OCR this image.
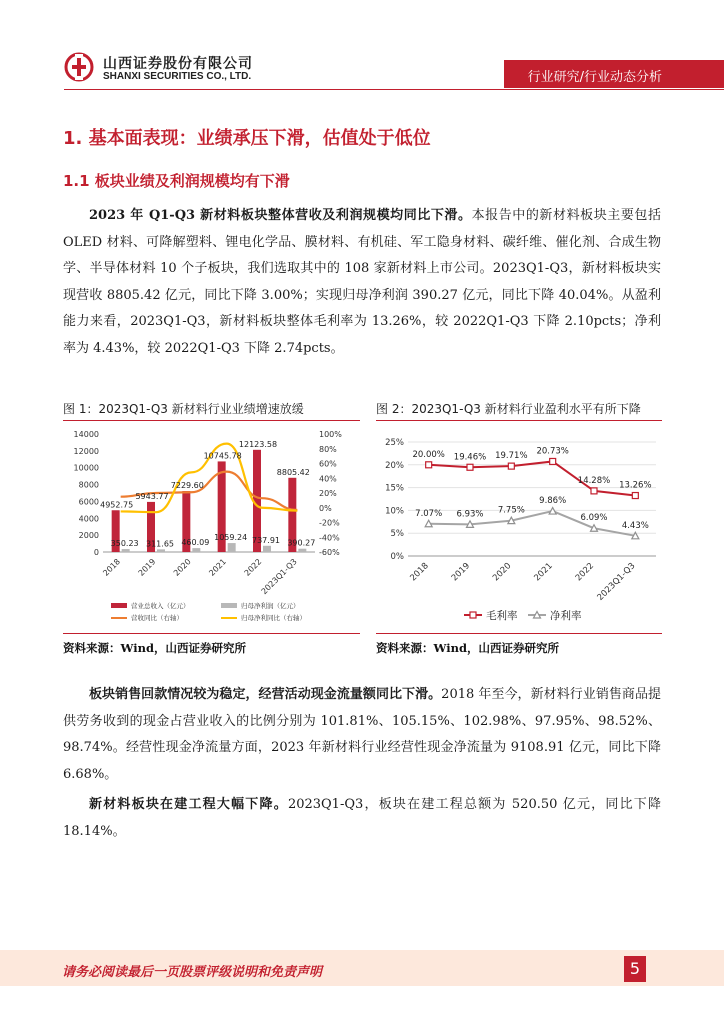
山西证券股份有限公司
SHANXI SECURITIES CO., LTD.	行业研究/行业动态分析
1. 基本面表现：业绩承压下滑，估值处于低位
1.1 板块业绩及利润规模均有下滑

2023 年 Q1-Q3 新材料板块整体营收及利润规模均同比下滑。本报告中的新材料板块主要包括 OLED 材料、可降解塑料、锂电化学品、膜材料、有机硅、军工隐身材料、碳纤维、催化剂、合成生物学、半导体材料 10 个子板块，我们选取其中的 108 家新材料上市公司。2023Q1-Q3，新材料板块实现营收 8805.42 亿元，同比下降 3.00%；实现归母净利润 390.27 亿元，同比下降 40.04%。从盈利能力来看，2023Q1-Q3，新材料板块整体毛利率为 13.26%，较 2022Q1-Q3 下降 2.10pcts；净利率为 4.43%，较 2022Q1-Q3 下降 2.74pcts。

图 1：2023Q1-Q3 新材料行业业绩增速放缓
0
2000
4000
6000
8000
10000
12000
14000
-60%
-40%
-20%
0%
20%
40%
60%
80%
100%
4952.75
5943.77
7229.60
10745.78
12123.58
8805.42
350.23 311.65 460.09
1059.24 737.91 390.27
2018 2019 2020 2021 2022
2023Q1-Q3
营业总收入（亿元）	归母净利润（亿元）
营收同比（右轴）	归母净利同比（右轴）
资料来源：Wind，山西证券研究所
图 2：2023Q1-Q3 新材料行业盈利水平有所下降
0%
5%
10%
15%
20%
25%
20.00% 19.46% 19.71% 20.73%
14.28% 13.26%
7.07% 6.93% 7.75%
9.86%
6.09%
4.43%
2018 2019 2020 2021 2022 2023Q1-Q3
毛利率	净利率
资料来源：Wind，山西证券研究所

板块销售回款情况较为稳定，经营活动现金流量额同比下滑。2018 年至今，新材料行业销售商品提供劳务收到的现金占营业收入的比例分别为 101.81%、105.15%、102.98%、97.95%、98.52%、98.74%。经营性现金净流量方面，2023 年新材料行业经营性现金净流量为 9108.91 亿元，同比下降 6.68%。

新材料板块在建工程大幅下降。2023Q1-Q3，板块在建工程总额为 520.50 亿元，同比下降 18.14%。

请务必阅读最后一页股票评级说明和免责声明	5
